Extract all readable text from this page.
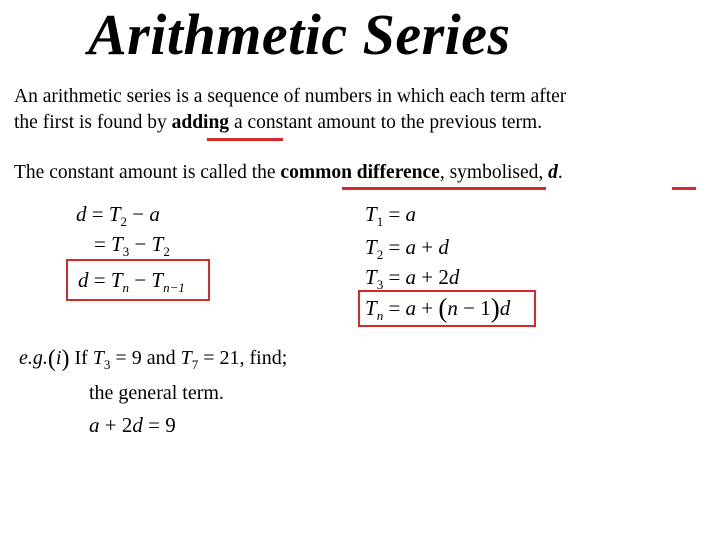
Arithmetic Series
An arithmetic series is a sequence of numbers in which each term after
the first is found by adding a constant amount to the previous term.
The constant amount is called the common difference, symbolised, d.
$d = T_2 - a$
= $T_3 - T_2$
$d = T_n - T_{n-1}$
$T_1 = a$
$T_2 = a + d$
$T_3 = a + 2d$
$T_n = a + (n - 1)d$
e.g.(i) If $T_3 = 9$ and $T_7 = 21$, find;
the general term.
a + 2d = 9
